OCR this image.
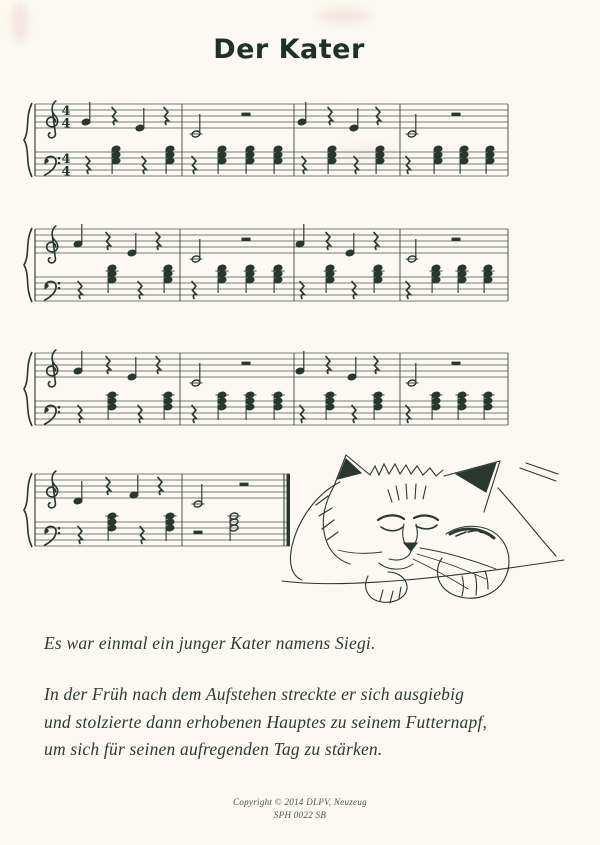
Der Kater
4
4
4
4
Es war einmal ein junger Kater namens Siegi.
In der Früh nach dem Aufstehen streckte er sich ausgiebig
und stolzierte dann erhobenen Hauptes zu seinem Futternapf,
um sich für seinen aufregenden Tag zu stärken.
Copyright © 2014 DLPV, Neuzeug
SPH 0022 SB
